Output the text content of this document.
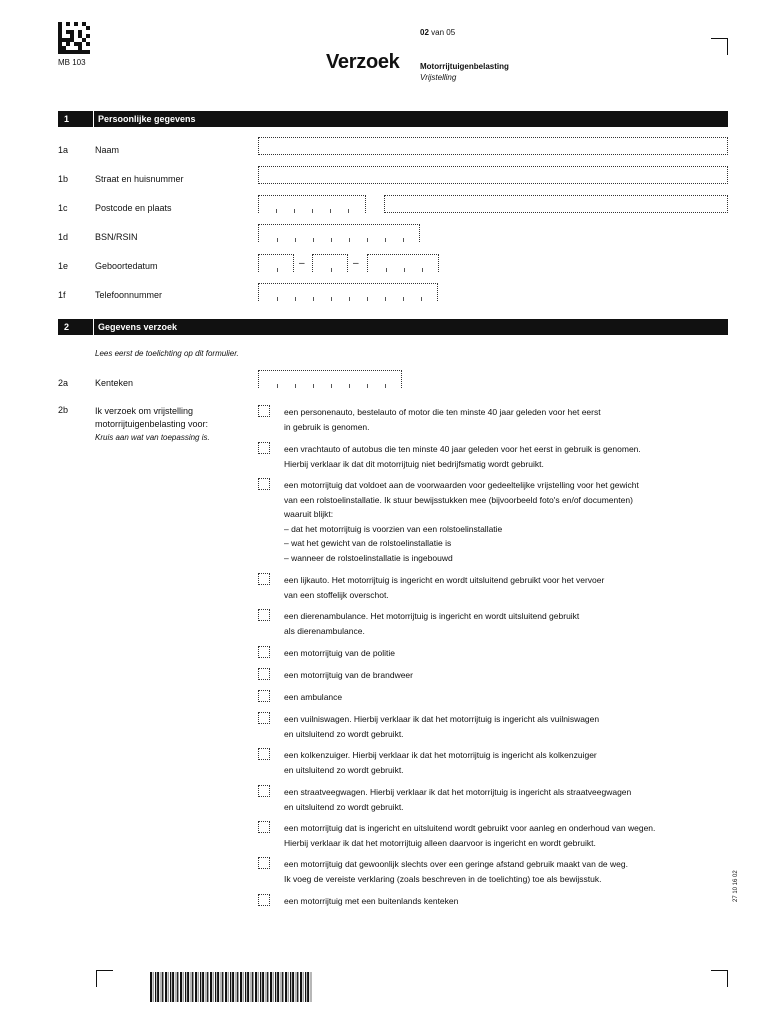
MB 103
02 van 05
Verzoek	Motorrijtuigenbelasting
Vrijstelling
1	Persoonlijke gegevens
1a	Naam
1b	Straat en huisnummer
1c	Postcode en plaats
1d	BSN/RSIN
1e	Geboortedatum	–	–
1f	Telefoonnummer
2	Gegevens verzoek
Lees eerst de toelichting op dit formulier.
2a	Kenteken
2b	Ik verzoek om vrijstelling
motorrijtuigenbelasting voor:
Kruis aan wat van toepassing is.
een personenauto, bestelauto of motor die ten minste 40 jaar geleden voor het eerst
in gebruik is genomen.
een vrachtauto of autobus die ten minste 40 jaar geleden voor het eerst in gebruik is genomen.
Hierbij verklaar ik dat dit motorrijtuig niet bedrijfsmatig wordt gebruikt.
een motorrijtuig dat voldoet aan de voorwaarden voor gedeeltelijke vrijstelling voor het gewicht
van een rolstoelinstallatie. Ik stuur bewijsstukken mee (bijvoorbeeld foto's en/of documenten)
waaruit blijkt:
– dat het motorrijtuig is voorzien van een rolstoelinstallatie
– wat het gewicht van de rolstoelinstallatie is
– wanneer de rolstoelinstallatie is ingebouwd
een lijkauto. Het motorrijtuig is ingericht en wordt uitsluitend gebruikt voor het vervoer
van een stoffelijk overschot.
een dierenambulance. Het motorrijtuig is ingericht en wordt uitsluitend gebruikt
als dierenambulance.
een motorrijtuig van de politie
een motorrijtuig van de brandweer
een ambulance
een vuilniswagen. Hierbij verklaar ik dat het motorrijtuig is ingericht als vuilniswagen
en uitsluitend zo wordt gebruikt.
een kolkenzuiger. Hierbij verklaar ik dat het motorrijtuig is ingericht als kolkenzuiger
en uitsluitend zo wordt gebruikt.
een straatveegwagen. Hierbij verklaar ik dat het motorrijtuig is ingericht als straatveegwagen
en uitsluitend zo wordt gebruikt.
een motorrijtuig dat is ingericht en uitsluitend wordt gebruikt voor aanleg en onderhoud van wegen.
Hierbij verklaar ik dat het motorrijtuig alleen daarvoor is ingericht en wordt gebruikt.
een motorrijtuig dat gewoonlijk slechts over een geringe afstand gebruik maakt van de weg.
Ik voeg de vereiste verklaring (zoals beschreven in de toelichting) toe als bewijsstuk.
een motorrijtuig met een buitenlands kenteken	27 10 16 02
